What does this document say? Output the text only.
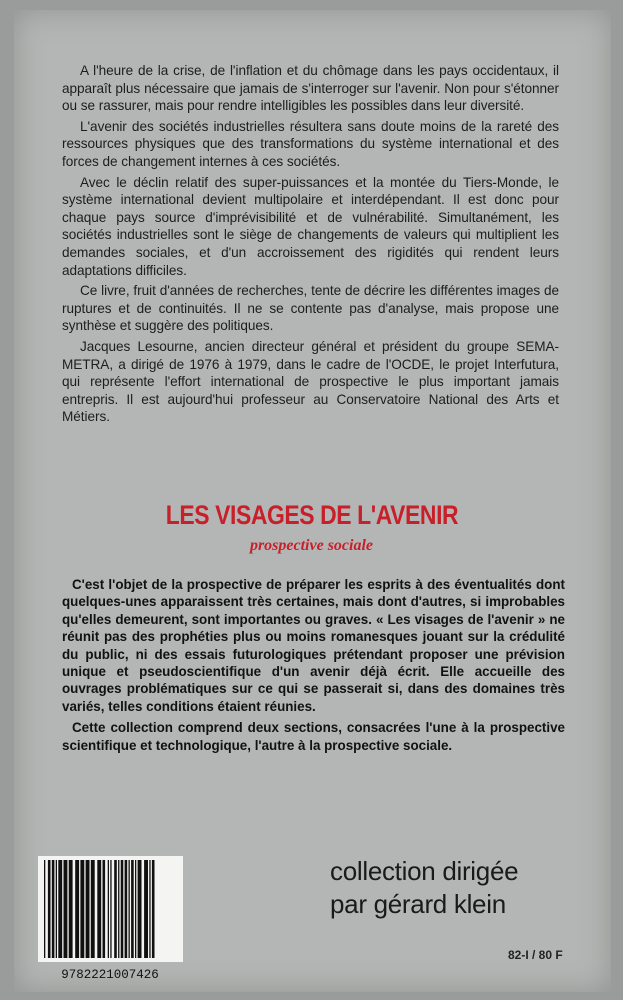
A l'heure de la crise, de l'inflation et du chômage dans les pays occidentaux, il apparaît plus nécessaire que jamais de s'interroger sur l'avenir. Non pour s'étonner ou se rassurer, mais pour rendre intelligibles les possibles dans leur diversité.

L'avenir des sociétés industrielles résultera sans doute moins de la rareté des ressources physiques que des transformations du système international et des forces de changement internes à ces sociétés.

Avec le déclin relatif des super-puissances et la montée du Tiers-Monde, le système international devient multipolaire et interdépendant. Il est donc pour chaque pays source d'imprévisibilité et de vulnérabilité. Simultanément, les sociétés industrielles sont le siège de changements de valeurs qui multiplient les demandes sociales, et d'un accroissement des rigidités qui rendent leurs adaptations difficiles.

Ce livre, fruit d'années de recherches, tente de décrire les différentes images de ruptures et de continuités. Il ne se contente pas d'analyse, mais propose une synthèse et suggère des politiques.

Jacques Lesourne, ancien directeur général et président du groupe SEMA-METRA, a dirigé de 1976 à 1979, dans le cadre de l'OCDE, le projet Interfutura, qui représente l'effort international de prospective le plus important jamais entrepris. Il est aujourd'hui professeur au Conservatoire National des Arts et Métiers.

LES VISAGES DE L'AVENIR
prospective sociale

C'est l'objet de la prospective de préparer les esprits à des éventualités dont quelques-unes apparaissent très certaines, mais dont d'autres, si improbables qu'elles demeurent, sont importantes ou graves. « Les visages de l'avenir » ne réunit pas des prophéties plus ou moins romanesques jouant sur la crédulité du public, ni des essais futurologiques prétendant proposer une prévision unique et pseudoscientifique d'un avenir déjà écrit. Elle accueille des ouvrages problématiques sur ce qui se passerait si, dans des domaines très variés, telles conditions étaient réunies.

Cette collection comprend deux sections, consacrées l'une à la prospective scientifique et technologique, l'autre à la prospective sociale.

9782221007426
collection dirigée
par gérard klein
82-I / 80 F
